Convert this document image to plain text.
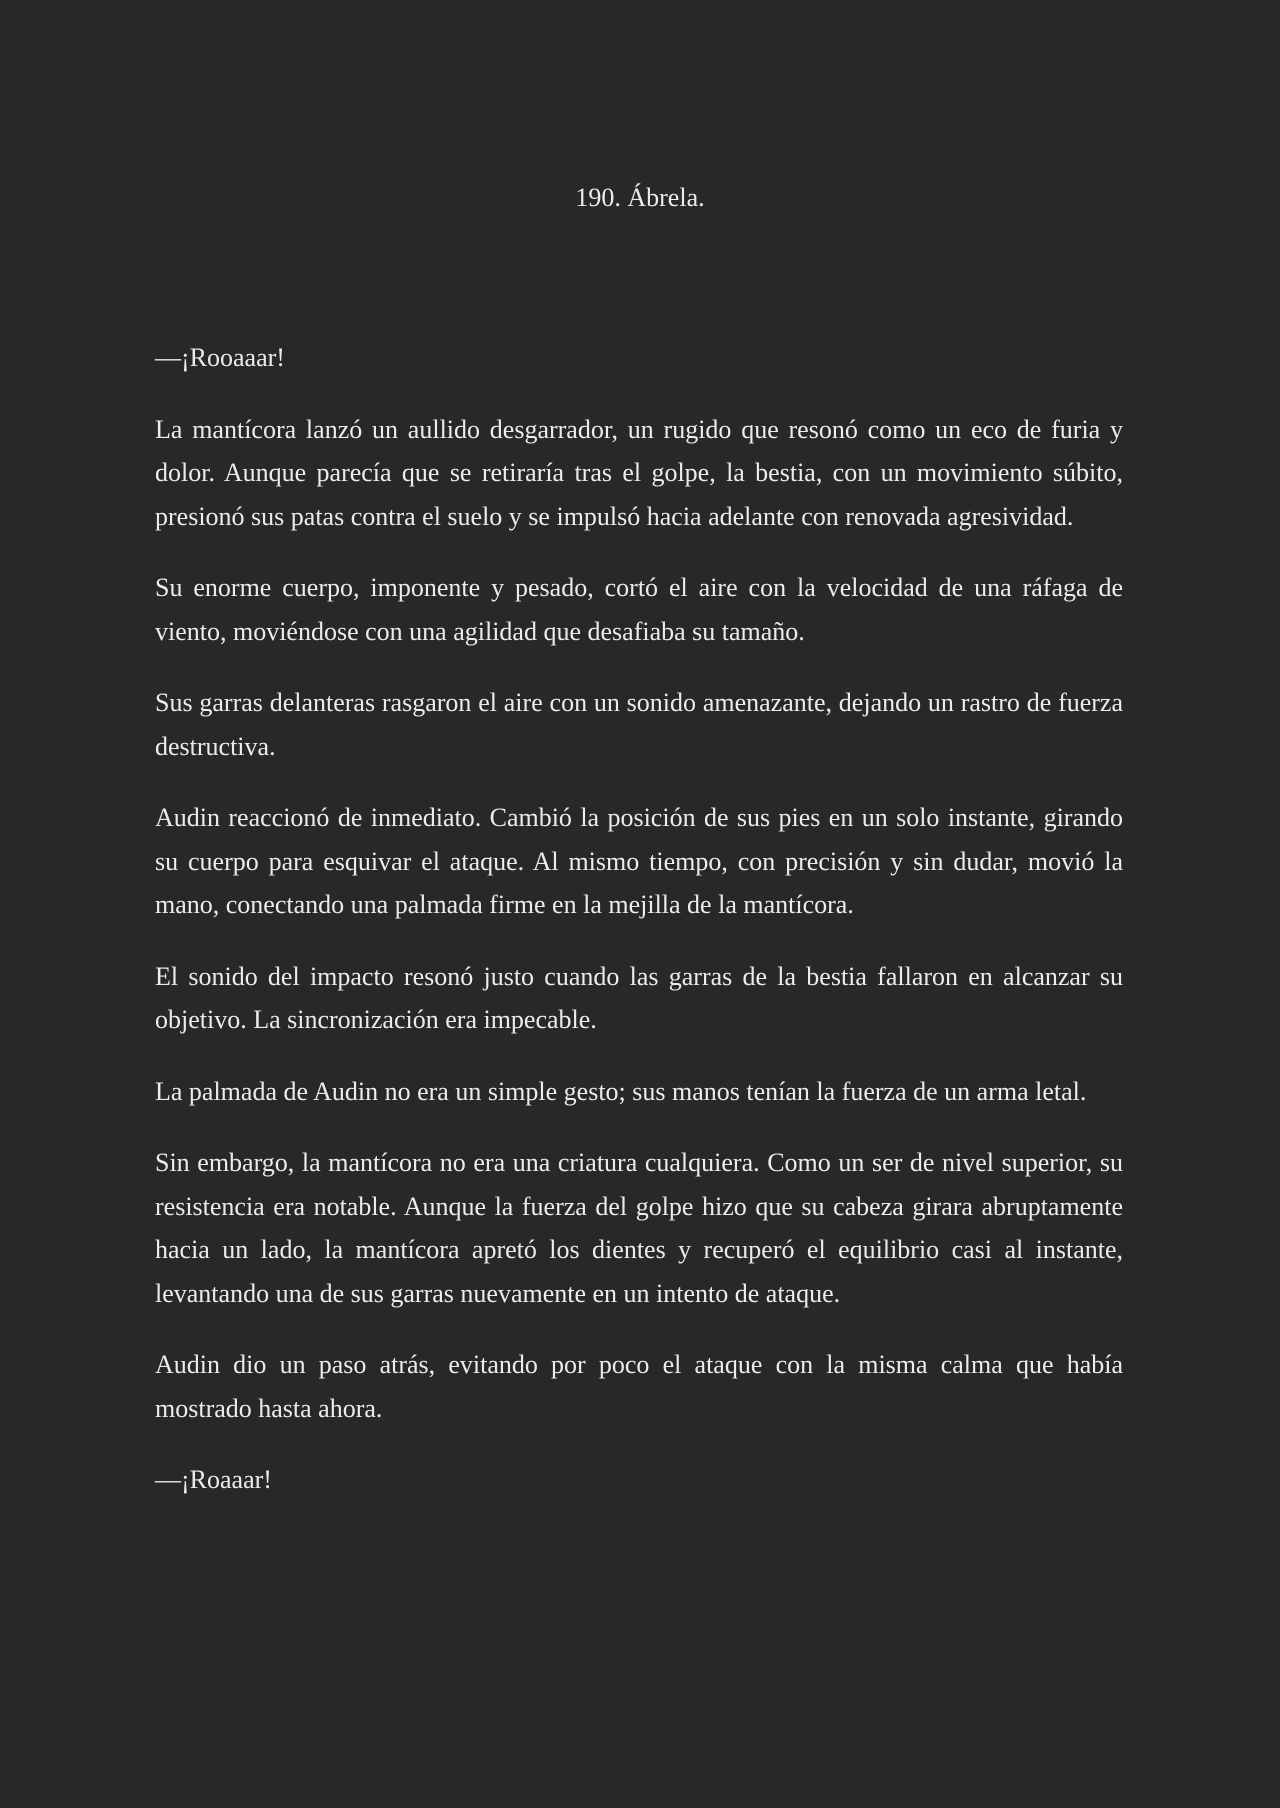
190. Ábrela.

—¡Rooaaar!

La mantícora lanzó un aullido desgarrador, un rugido que resonó como un eco de furia y dolor. Aunque parecía que se retiraría tras el golpe, la bestia, con un movimiento súbito, presionó sus patas contra el suelo y se impulsó hacia adelante con renovada agresividad.

Su enorme cuerpo, imponente y pesado, cortó el aire con la velocidad de una ráfaga de viento, moviéndose con una agilidad que desafiaba su tamaño.

Sus garras delanteras rasgaron el aire con un sonido amenazante, dejando un rastro de fuerza destructiva.

Audin reaccionó de inmediato. Cambió la posición de sus pies en un solo instante, girando su cuerpo para esquivar el ataque. Al mismo tiempo, con precisión y sin dudar, movió la mano, conectando una palmada firme en la mejilla de la mantícora.

El sonido del impacto resonó justo cuando las garras de la bestia fallaron en alcanzar su objetivo. La sincronización era impecable.

La palmada de Audin no era un simple gesto; sus manos tenían la fuerza de un arma letal.

Sin embargo, la mantícora no era una criatura cualquiera. Como un ser de nivel superior, su resistencia era notable. Aunque la fuerza del golpe hizo que su cabeza girara abruptamente hacia un lado, la mantícora apretó los dientes y recuperó el equilibrio casi al instante, levantando una de sus garras nuevamente en un intento de ataque.

Audin dio un paso atrás, evitando por poco el ataque con la misma calma que había mostrado hasta ahora.

—¡Roaaar!
